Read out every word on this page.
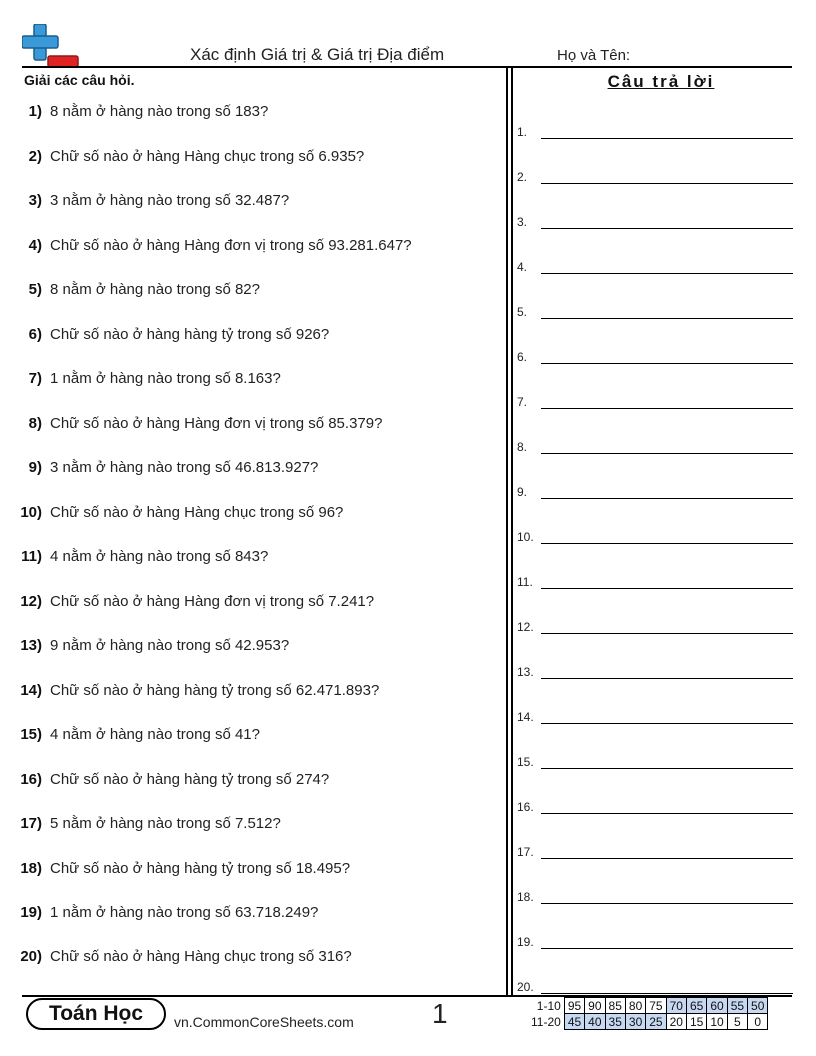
Xác định Giá trị & Giá trị Địa điểm	Họ và Tên:
Giải các câu hỏi.
1) 8 nằm ở hàng nào trong số 183?
2) Chữ số nào ở hàng Hàng chục trong số 6.935?
3) 3 nằm ở hàng nào trong số 32.487?
4) Chữ số nào ở hàng Hàng đơn vị trong số 93.281.647?
5) 8 nằm ở hàng nào trong số 82?
6) Chữ số nào ở hàng hàng tỷ trong số 926?
7) 1 nằm ở hàng nào trong số 8.163?
8) Chữ số nào ở hàng Hàng đơn vị trong số 85.379?
9) 3 nằm ở hàng nào trong số 46.813.927?
10) Chữ số nào ở hàng Hàng chục trong số 96?
11) 4 nằm ở hàng nào trong số 843?
12) Chữ số nào ở hàng Hàng đơn vị trong số 7.241?
13) 9 nằm ở hàng nào trong số 42.953?
14) Chữ số nào ở hàng hàng tỷ trong số 62.471.893?
15) 4 nằm ở hàng nào trong số 41?
16) Chữ số nào ở hàng hàng tỷ trong số 274?
17) 5 nằm ở hàng nào trong số 7.512?
18) Chữ số nào ở hàng hàng tỷ trong số 18.495?
19) 1 nằm ở hàng nào trong số 63.718.249?
20) Chữ số nào ở hàng Hàng chục trong số 316?
Câu trả lời
1.
2.
3.
4.
5.
6.
7.
8.
9.
10.
11.
12.
13.
14.
15.
16.
17.
18.
19.
20.
Toán Học	vn.CommonCoreSheets.com	1	1-10	95	90	85	80	75	70	65	60	55	50
11-20	45	40	35	30	25	20	15	10	5	0
